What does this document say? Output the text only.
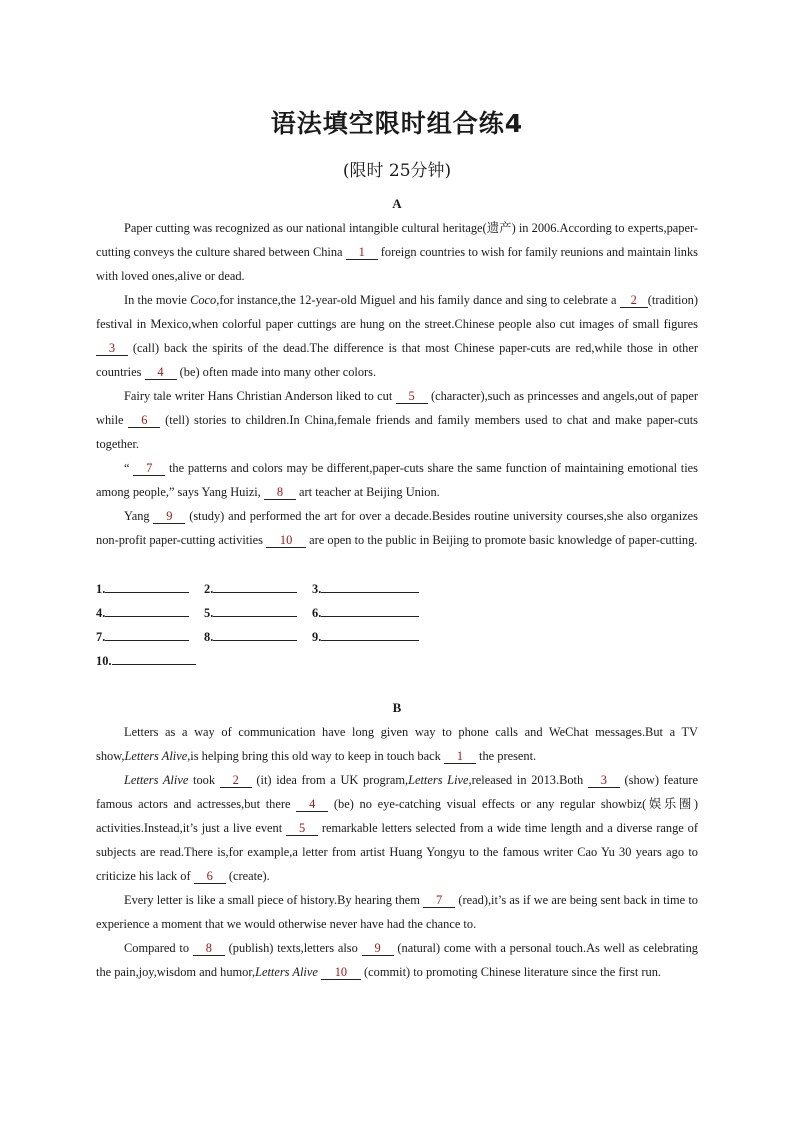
语法填空限时组合练4
(限时 25分钟)
A

Paper cutting was recognized as our national intangible cultural heritage(遗产) in 2006.According to experts,paper-cutting conveys the culture shared between China 1 foreign countries to wish for family reunions and maintain links with loved ones,alive or dead.

In the movie Coco,for instance,the 12-year-old Miguel and his family dance and sing to celebrate a 2 (tradition) festival in Mexico,when colorful paper cuttings are hung on the street.Chinese people also cut images of small figures 3 (call) back the spirits of the dead.The difference is that most Chinese paper-cuts are red,while those in other countries 4 (be) often made into many other colors.

Fairy tale writer Hans Christian Anderson liked to cut 5 (character),such as princesses and angels,out of paper while 6 (tell) stories to children.In China,female friends and family members used to chat and make paper-cuts together.

“ 7 the patterns and colors may be different,paper-cuts share the same function of maintaining emotional ties among people,” says Yang Huizi, 8 art teacher at Beijing Union.

Yang 9 (study) and performed the art for over a decade.Besides routine university courses,she also organizes non-profit paper-cutting activities 10 are open to the public in Beijing to promote basic knowledge of paper-cutting.

1.	2.	3.
4.	5.	6.
7.	8.	9.
10.
B

Letters as a way of communication have long given way to phone calls and WeChat messages.But a TV show,Letters Alive,is helping bring this old way to keep in touch back 1 the present.

Letters Alive took 2 (it) idea from a UK program,Letters Live,released in 2013.Both 3 (show) feature famous actors and actresses,but there 4 (be) no eye-catching visual effects or any regular showbiz(娱乐圈) activities.Instead,it’s just a live event 5 remarkable letters selected from a wide time length and a diverse range of subjects are read.There is,for example,a letter from artist Huang Yongyu to the famous writer Cao Yu 30 years ago to criticize his lack of 6 (create).

Every letter is like a small piece of history.By hearing them 7 (read),it’s as if we are being sent back in time to experience a moment that we would otherwise never have had the chance to.

Compared to 8 (publish) texts,letters also 9 (natural) come with a personal touch.As well as celebrating the pain,joy,wisdom and humor,Letters Alive 10 (commit) to promoting Chinese literature since the first run.
